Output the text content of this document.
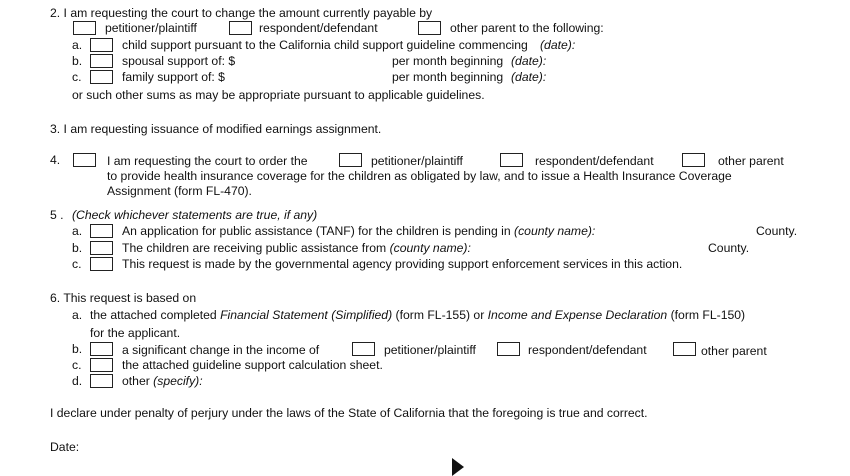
2. I am requesting the court to change the amount currently payable by
petitioner/plaintiff	respondent/defendant	other parent to the following:
a.	child support pursuant to the California child support guideline commencing (date):
b.	spousal support of: $	per month beginning (date):
c.	family support of: $	per month beginning (date):
or such other sums as may be appropriate pursuant to applicable guidelines.
3. I am requesting issuance of modified earnings assignment.
4.	I am requesting the court to order the	petitioner/plaintiff	respondent/defendant	other parent
to provide health insurance coverage for the children as obligated by law, and to issue a Health Insurance Coverage
Assignment (form FL-470).
5 . (Check whichever statements are true, if any)
a.	An application for public assistance (TANF) for the children is pending in (county name):	County.
b.	The children are receiving public assistance from (county name):	County.
c.	This request is made by the governmental agency providing support enforcement services in this action.
6. This request is based on
a. the attached completed Financial Statement (Simplified) (form FL-155) or Income and Expense Declaration (form FL-150)
for the applicant.
b.	a significant change in the income of	petitioner/plaintiff	respondent/defendant	other parent
c.	the attached guideline support calculation sheet.
d.	other (specify):
I declare under penalty of perjury under the laws of the State of California that the foregoing is true and correct.
Date:
